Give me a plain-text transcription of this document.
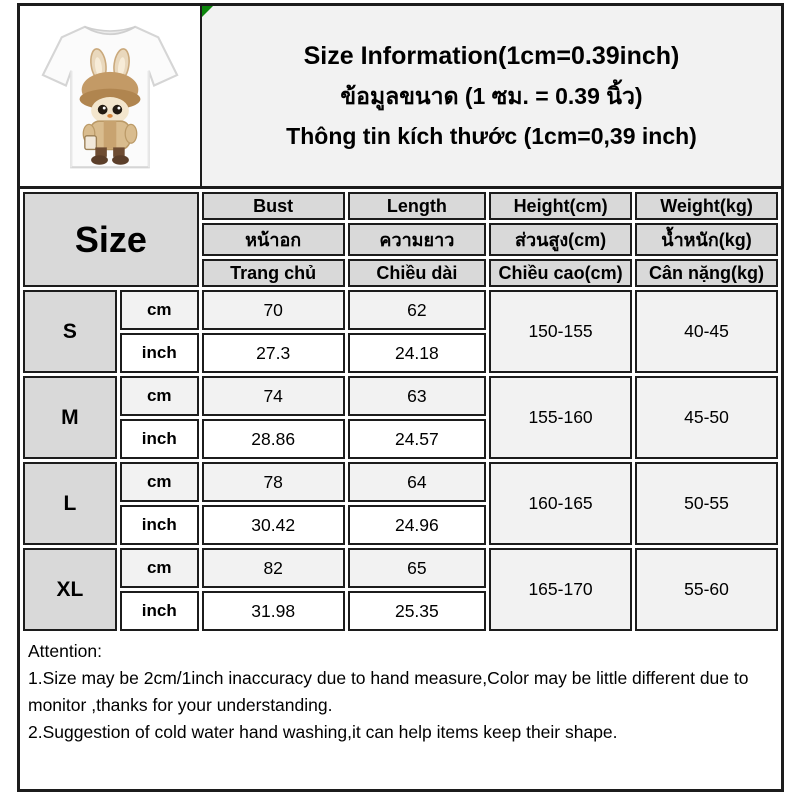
Size Information(1cm=0.39inch)
ข้อมูลขนาด (1 ซม. = 0.39 นิ้ว)
Thông tin kích thước (1cm=0,39 inch)
Size		Bust	Length	Height(cm)	Weight(kg)
		หน้าอก	ความยาว	ส่วนสูง(cm)	น้ำหนัก(kg)
		Trang chủ	Chiều dài	Chiều cao(cm)	Cân nặng(kg)
S	cm	70	62	150-155	40-45
	inch	27.3	24.18		
M	cm	74	63	155-160	45-50
	inch	28.86	24.57		
L	cm	78	64	160-165	50-55
	inch	30.42	24.96		
XL	cm	82	65	165-170	55-60
	inch	31.98	25.35		

Attention:

1.Size may be 2cm/1inch inaccuracy due to hand measure,Color may be little different due to monitor ,thanks for your understanding.

2.Suggestion of cold water hand washing,it can help items keep their shape.
